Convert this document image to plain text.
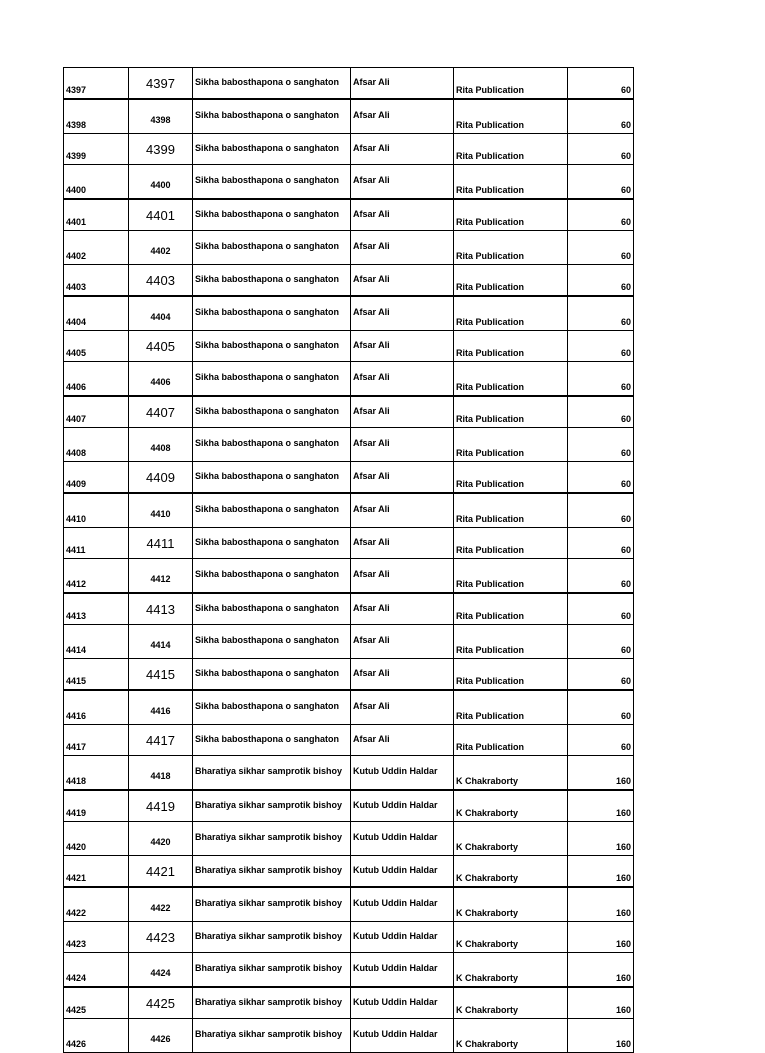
4397	4397	Sikha babosthapona o sanghaton	Afsar Ali	Rita Publication	60
4398	4398	Sikha babosthapona o sanghaton	Afsar Ali	Rita Publication	60
4399	4399	Sikha babosthapona o sanghaton	Afsar Ali	Rita Publication	60
4400	4400	Sikha babosthapona o sanghaton	Afsar Ali	Rita Publication	60
4401	4401	Sikha babosthapona o sanghaton	Afsar Ali	Rita Publication	60
4402	4402	Sikha babosthapona o sanghaton	Afsar Ali	Rita Publication	60
4403	4403	Sikha babosthapona o sanghaton	Afsar Ali	Rita Publication	60
4404	4404	Sikha babosthapona o sanghaton	Afsar Ali	Rita Publication	60
4405	4405	Sikha babosthapona o sanghaton	Afsar Ali	Rita Publication	60
4406	4406	Sikha babosthapona o sanghaton	Afsar Ali	Rita Publication	60
4407	4407	Sikha babosthapona o sanghaton	Afsar Ali	Rita Publication	60
4408	4408	Sikha babosthapona o sanghaton	Afsar Ali	Rita Publication	60
4409	4409	Sikha babosthapona o sanghaton	Afsar Ali	Rita Publication	60
4410	4410	Sikha babosthapona o sanghaton	Afsar Ali	Rita Publication	60
4411	4411	Sikha babosthapona o sanghaton	Afsar Ali	Rita Publication	60
4412	4412	Sikha babosthapona o sanghaton	Afsar Ali	Rita Publication	60
4413	4413	Sikha babosthapona o sanghaton	Afsar Ali	Rita Publication	60
4414	4414	Sikha babosthapona o sanghaton	Afsar Ali	Rita Publication	60
4415	4415	Sikha babosthapona o sanghaton	Afsar Ali	Rita Publication	60
4416	4416	Sikha babosthapona o sanghaton	Afsar Ali	Rita Publication	60
4417	4417	Sikha babosthapona o sanghaton	Afsar Ali	Rita Publication	60
4418	4418	Bharatiya sikhar samprotik bishoy	Kutub Uddin Haldar	K Chakraborty	160
4419	4419	Bharatiya sikhar samprotik bishoy	Kutub Uddin Haldar	K Chakraborty	160
4420	4420	Bharatiya sikhar samprotik bishoy	Kutub Uddin Haldar	K Chakraborty	160
4421	4421	Bharatiya sikhar samprotik bishoy	Kutub Uddin Haldar	K Chakraborty	160
4422	4422	Bharatiya sikhar samprotik bishoy	Kutub Uddin Haldar	K Chakraborty	160
4423	4423	Bharatiya sikhar samprotik bishoy	Kutub Uddin Haldar	K Chakraborty	160
4424	4424	Bharatiya sikhar samprotik bishoy	Kutub Uddin Haldar	K Chakraborty	160
4425	4425	Bharatiya sikhar samprotik bishoy	Kutub Uddin Haldar	K Chakraborty	160
4426	4426	Bharatiya sikhar samprotik bishoy	Kutub Uddin Haldar	K Chakraborty	160
